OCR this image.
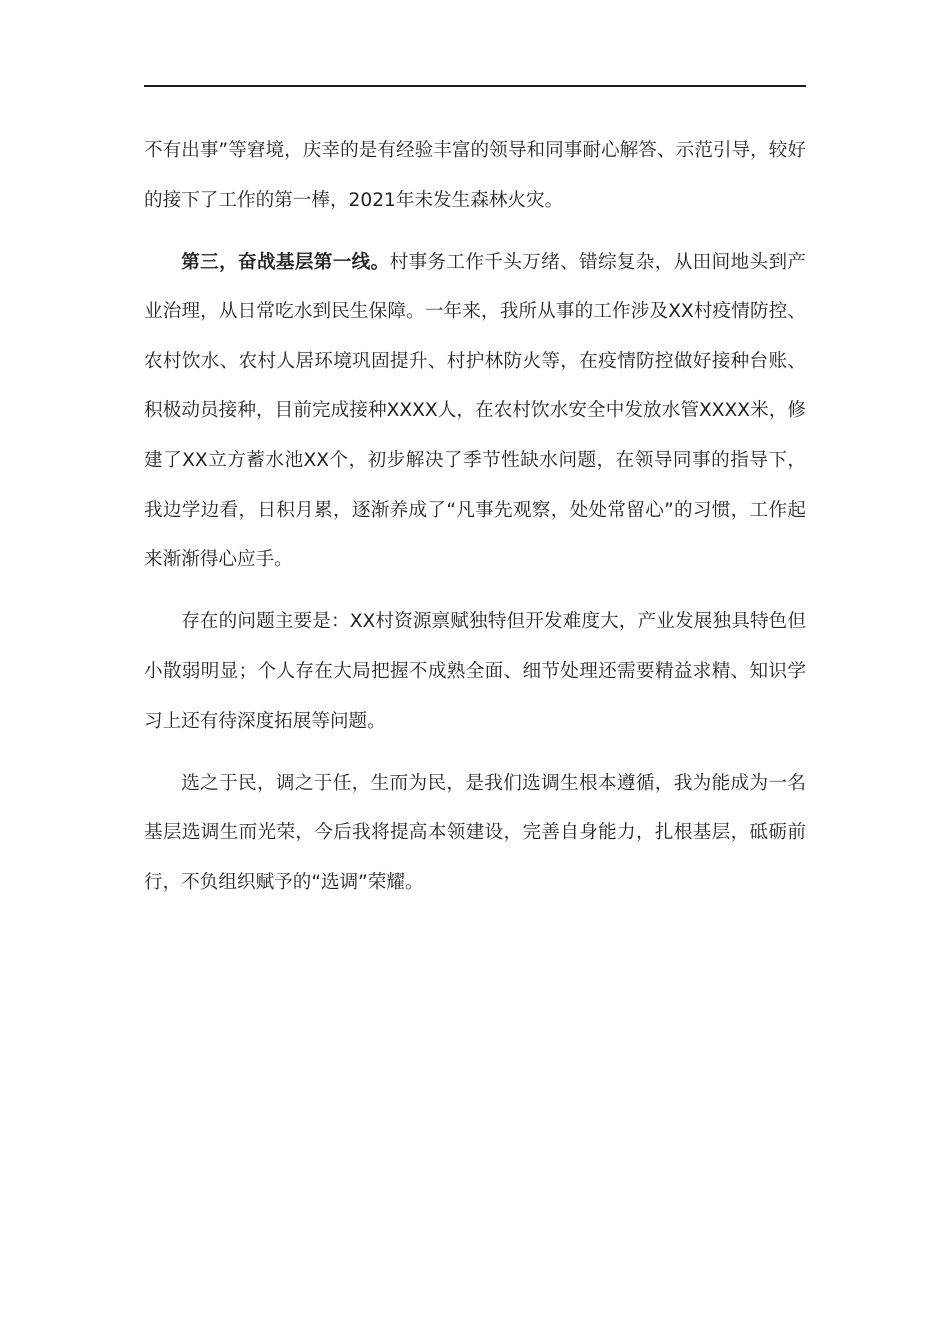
不有出事”等窘境，庆幸的是有经验丰富的领导和同事耐心解答、示范引导，较好的接下了工作的第一棒，2021年未发生森林火灾。

第三，奋战基层第一线。村事务工作千头万绪、错综复杂，从田间地头到产业治理，从日常吃水到民生保障。一年来，我所从事的工作涉及XX村疫情防控、农村饮水、农村人居环境巩固提升、村护林防火等，在疫情防控做好接种台账、积极动员接种，目前完成接种XXXX人，在农村饮水安全中发放水管XXXX米，修建了XX立方蓄水池XX个，初步解决了季节性缺水问题，在领导同事的指导下，我边学边看，日积月累，逐渐养成了“凡事先观察，处处常留心”的习惯，工作起来渐渐得心应手。

存在的问题主要是：XX村资源禀赋独特但开发难度大，产业发展独具特色但小散弱明显；个人存在大局把握不成熟全面、细节处理还需要精益求精、知识学习上还有待深度拓展等问题。

选之于民，调之于任，生而为民，是我们选调生根本遵循，我为能成为一名基层选调生而光荣，今后我将提高本领建设，完善自身能力，扎根基层，砥砺前行，不负组织赋予的“选调”荣耀。
